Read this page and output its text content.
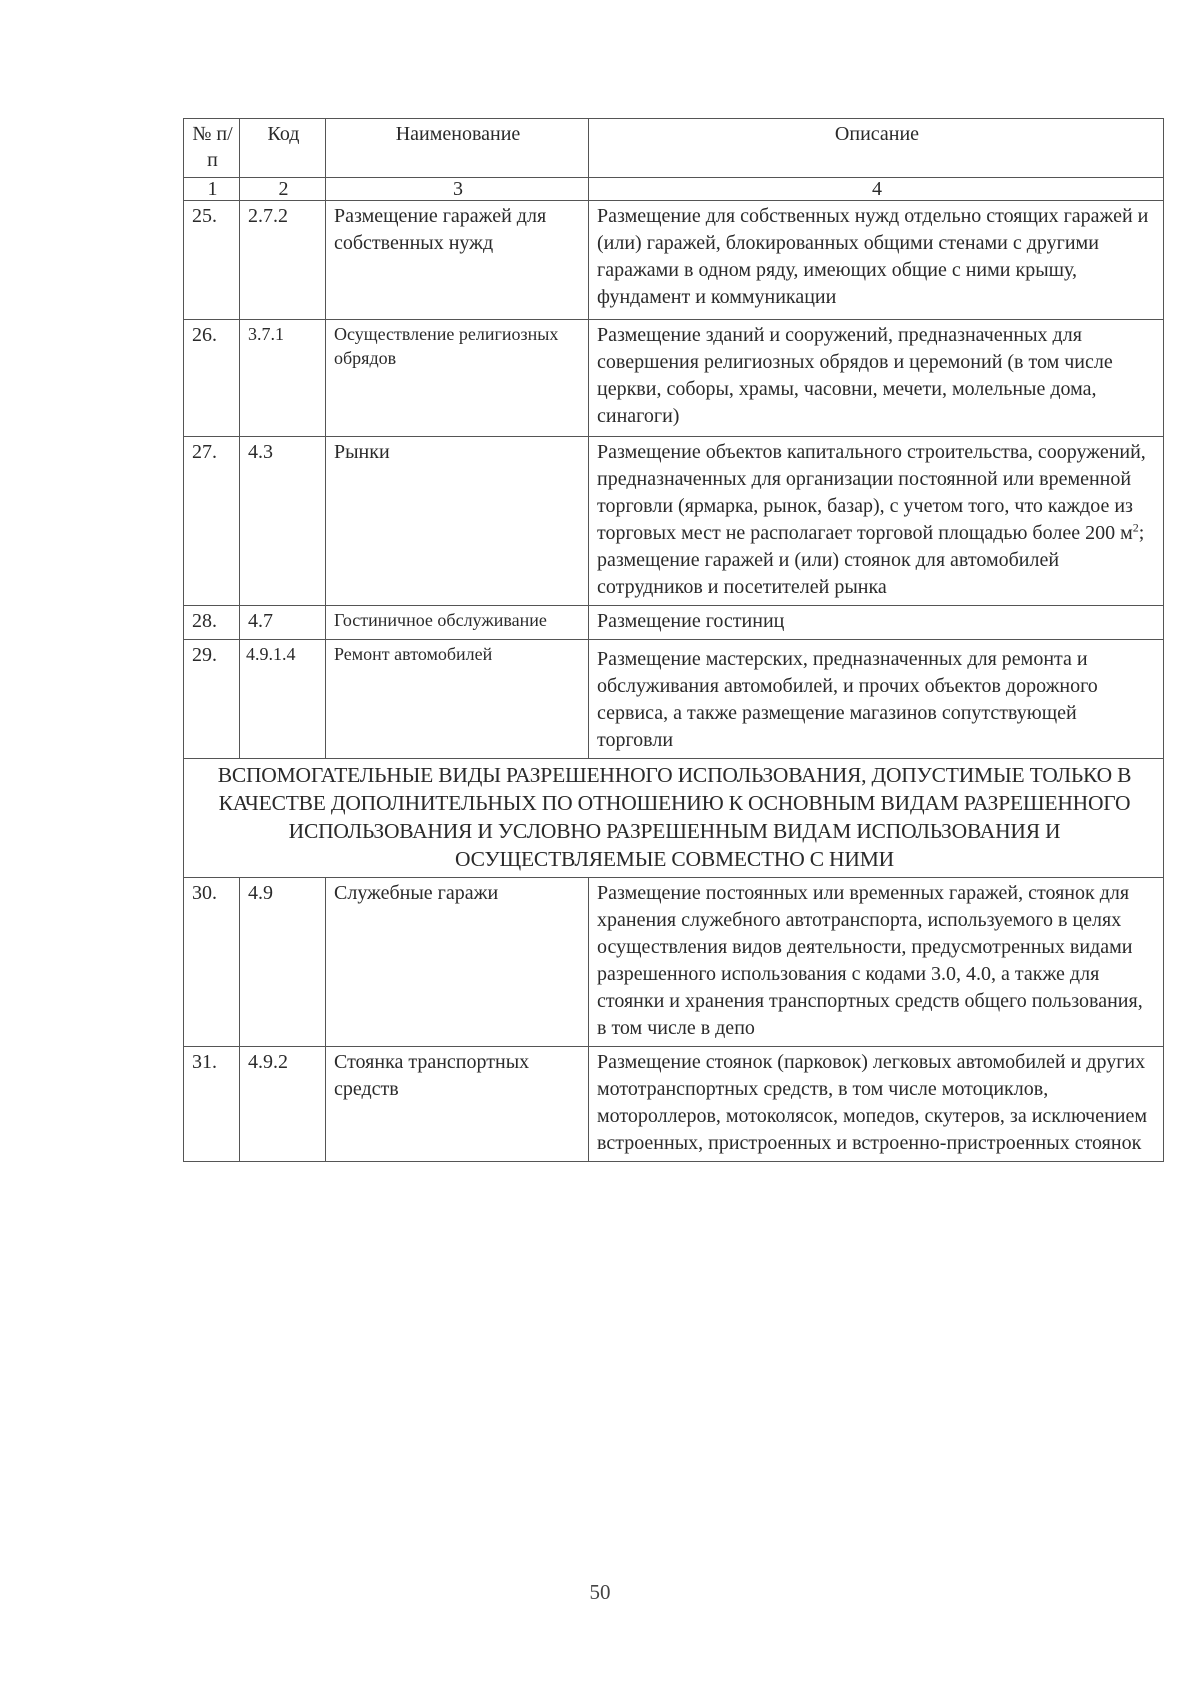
№ п/п	Код	Наименование	Описание
1	2	3	4
25.	2.7.2	Размещение гаражей для собственных нужд	Размещение для собственных нужд отдельно стоящих гаражей и (или) гаражей, блокированных общими стенами с другими гаражами в одном ряду, имеющих общие с ними крышу, фундамент и коммуникации
26.	3.7.1	Осуществление религиозных обрядов	Размещение зданий и сооружений, предназначенных для совершения религиозных обрядов и церемоний (в том числе церкви, соборы, храмы, часовни, мечети, молельные дома, синагоги)
27.	4.3	Рынки	Размещение объектов капитального строительства, сооружений, предназначенных для организации постоянной или временной торговли (ярмарка, рынок, базар), с учетом того, что каждое из торговых мест не располагает торговой площадью более 200 $м^2$; размещение гаражей и (или) стоянок для автомобилей сотрудников и посетителей рынка
28.	4.7	Гостиничное обслуживание	Размещение гостиниц
29.	4.9.1.4	Ремонт автомобилей	Размещение мастерских, предназначенных для ремонта и обслуживания автомобилей, и прочих объектов дорожного сервиса, а также размещение магазинов сопутствующей торговли
ВСПОМОГАТЕЛЬНЫЕ ВИДЫ РАЗРЕШЕННОГО ИСПОЛЬЗОВАНИЯ, ДОПУСТИМЫЕ ТОЛЬКО В КАЧЕСТВЕ ДОПОЛНИТЕЛЬНЫХ ПО ОТНОШЕНИЮ К ОСНОВНЫМ ВИДАМ РАЗРЕШЕННОГО ИСПОЛЬЗОВАНИЯ И УСЛОВНО РАЗРЕШЕННЫМ ВИДАМ ИСПОЛЬЗОВАНИЯ И ОСУЩЕСТВЛЯЕМЫЕ СОВМЕСТНО С НИМИ			
30.	4.9	Служебные гаражи	Размещение постоянных или временных гаражей, стоянок для хранения служебного автотранспорта, используемого в целях осуществления видов деятельности, предусмотренных видами разрешенного использования с кодами 3.0, 4.0, а также для стоянки и хранения транспортных средств общего пользования, в том числе в депо
31.	4.9.2	Стоянка транспортных средств	Размещение стоянок (парковок) легковых автомобилей и других мототранспортных средств, в том числе мотоциклов, мотороллеров, мотоколясок, мопедов, скутеров, за исключением встроенных, пристроенных и встроенно-пристроенных стоянок
50
